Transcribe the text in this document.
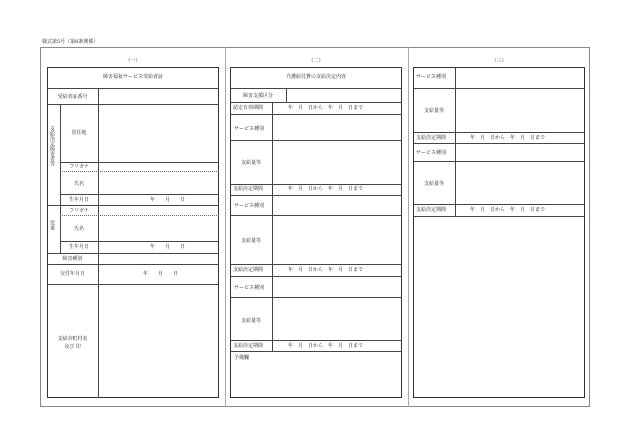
様式第5号（第6条関係）
（一）
障害福祉サービス受給者証
受給者証番号
支給決定障害者等	居住地
フリガナ
氏名
生年月日	年　　月　　日
児童
フリガナ
氏名
生年月日	年　　月　　日
障害種別
交付年月日	年　　月　　日
支給市町村名
及び 印
（二）
介護給付費の支給決定内容
障害支援区分
認定有効期間	年　月　日から　年　月　日まで
サービス種別
支給量等
支給決定期間	年　月　日から　年　月　日まで
サービス種別
支給量等
支給決定期間	年　月　日から　年　月　日まで
サービス種別
支給量等
支給決定期間	年　月　日から　年　月　日まで
予備欄
（三）
サービス種別
支給量等
支給決定期間	年　月　日から　年　月　日まで
サービス種別
支給量等
支給決定期間	年　月　日から　年　月　日まで
